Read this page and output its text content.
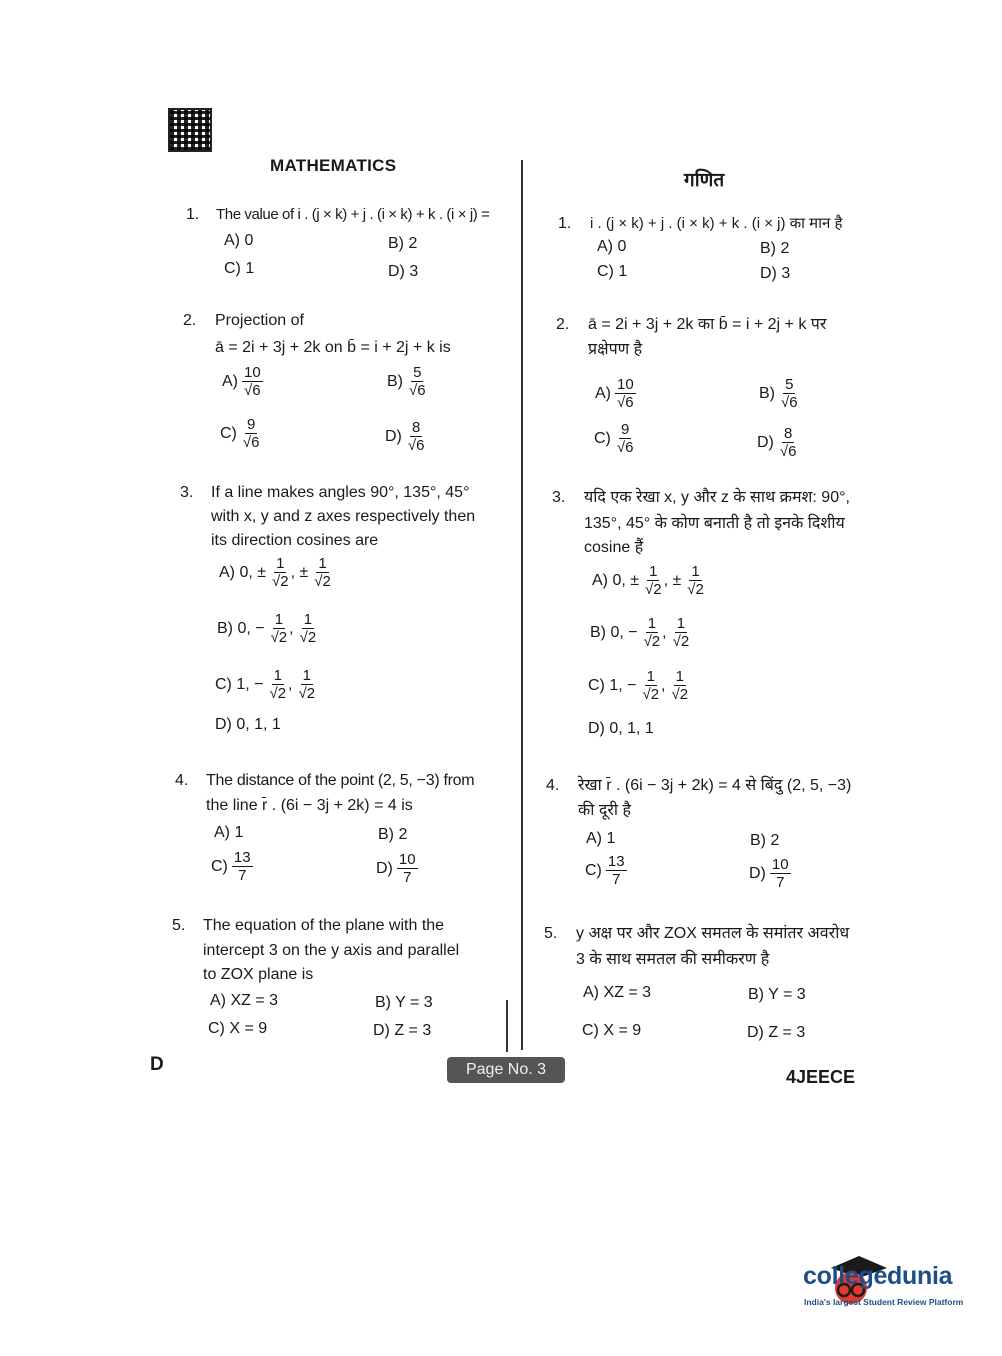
MATHEMATICS
गणित
1. The value of i . (j × k) + j . (i × k) + k . (i × j) =
A) 0	B) 2
C) 1	D) 3
2. Projection of
ā = 2i + 3j + 2k on b̄ = i + 2j + k is
$A) \frac{10}{√6}$	$B) \frac{5}{√6}$
$C) \frac{9}{√6}$	$D) \frac{8}{√6}$
3. If a line makes angles 90°, 135°, 45°
with x, y and z axes respectively then
its direction cosines are
A) 0, ± $\frac{1}{√2}$ , ± $\frac{1}{√2}$
B) 0, − $\frac{1}{√2}$ , $\frac{1}{√2}$
C) 1, − $\frac{1}{√2}$ , $\frac{1}{√2}$
D) 0, 1, 1
4. The distance of the point (2, 5, −3) from
the line r̄ . (6i − 3j + 2k) = 4 is
A) 1	B) 2
$C) \frac{13}{7}$	$D) \frac{10}{7}$
5. The equation of the plane with the
intercept 3 on the y axis and parallel
to ZOX plane is
A) XZ = 3	B) Y = 3
C) X = 9	D) Z = 3
1. i . (j × k) + j . (i × k) + k . (i × j) का मान है
A) 0	B) 2
C) 1	D) 3
2. ā = 2i + 3j + 2k का b̄ = i + 2j + k पर
प्रक्षेपण है
$A) \frac{10}{√6}$	$B) \frac{5}{√6}$
$C) \frac{9}{√6}$	$D) \frac{8}{√6}$
3. यदि एक रेखा x, y और z के साथ क्रमश: 90°,
135°, 45° के कोण बनाती है तो इनके दिशीय
cosine हैं
A) 0, ± $\frac{1}{√2}$ , ± $\frac{1}{√2}$
B) 0, − $\frac{1}{√2}$ , $\frac{1}{√2}$
C) 1, − $\frac{1}{√2}$ , $\frac{1}{√2}$
D) 0, 1, 1
4. रेखा r̄ . (6i − 3j + 2k) = 4 से बिंदु (2, 5, −3)
की दूरी है
A) 1	B) 2
$C) \frac{13}{7}$	$D) \frac{10}{7}$
5. y अक्ष पर और ZOX समतल के समांतर अवरोध
3 के साथ समतल की समीकरण है
A) XZ = 3	B) Y = 3
C) X = 9	D) Z = 3
D	Page No. 3	4JEECE
collegedunia
India's largest Student Review Platform
